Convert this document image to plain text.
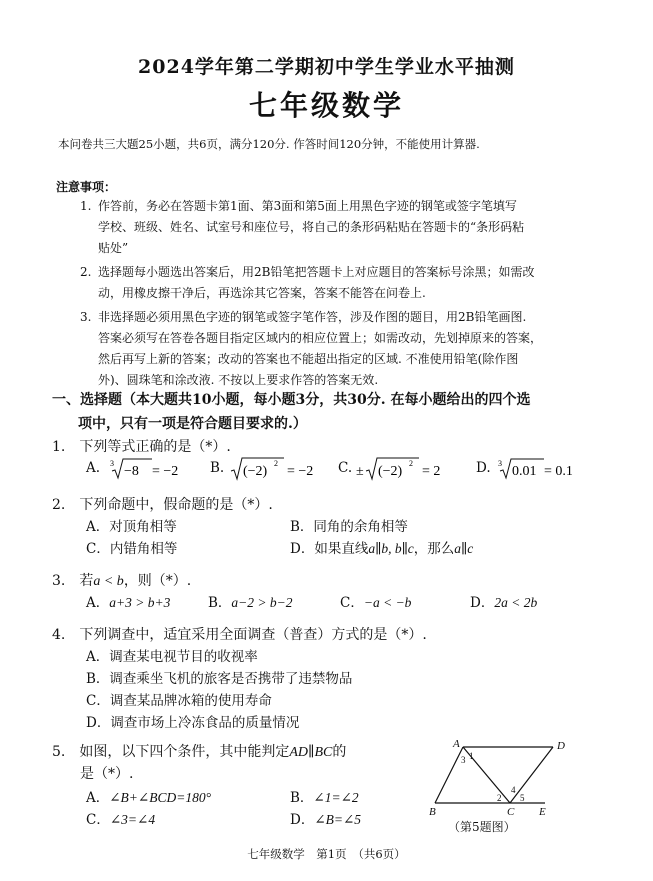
2024学年第二学期初中学生学业水平抽测
七年级数学
本问卷共三大题25小题，共6页，满分120分. 作答时间120分钟，不能使用计算器.
注意事项：
1. 作答前，务必在答题卡第1面、第3面和第5面上用黑色字迹的钢笔或签字笔填写
学校、班级、姓名、试室号和座位号，将自己的条形码粘贴在答题卡的“条形码粘
贴处”
2. 选择题每小题选出答案后，用2B铅笔把答题卡上对应题目的答案标号涂黑；如需改
动，用橡皮擦干净后，再选涂其它答案，答案不能答在问卷上.
3. 非选择题必须用黑色字迹的钢笔或签字笔作答，涉及作图的题目，用2B铅笔画图.
答案必须写在答卷各题目指定区域内的相应位置上；如需改动，先划掉原来的答案，
然后再写上新的答案；改动的答案也不能超出指定的区域. 不准使用铅笔(除作图
外)、圆珠笔和涂改液. 不按以上要求作答的答案无效.
一、选择题（本大题共10小题，每小题3分，共30分. 在每小题给出的四个选
项中，只有一项是符合题目要求的.）
1.　下列等式正确的是（*）.
A. 3
−8 = −2 B. (−2)
2
= −2 C. ± (−2)
2
= 2	D. 3
0.01 = 0.1
2.　下列命题中，假命题的是（*）.
A．对顶角相等	B．同角的余角相等
C．内错角相等	D．如果直线a∥b, b∥c，那么a∥c
3.　若a < b，则（*）.
A．a+3 > b+3	B．a−2 > b−2	C．−a < −b	D．2a < 2b
4.　下列调查中，适宜采用全面调查（普查）方式的是（*）.
A．调查某电视节目的收视率
B．调查乘坐飞机的旅客是否携带了违禁物品
C．调查某品牌冰箱的使用寿命
D．调查市场上冷冻食品的质量情况
5.　如图，以下四个条件，其中能判定AD∥BC的
是（*）.
A．∠B+∠BCD=180°	B．∠1=∠2
C．∠3=∠4	D．∠B=∠5
A	D
B	C E
1
3
2
4
5
（第5题图）
七年级数学　第1页　（共6页）
